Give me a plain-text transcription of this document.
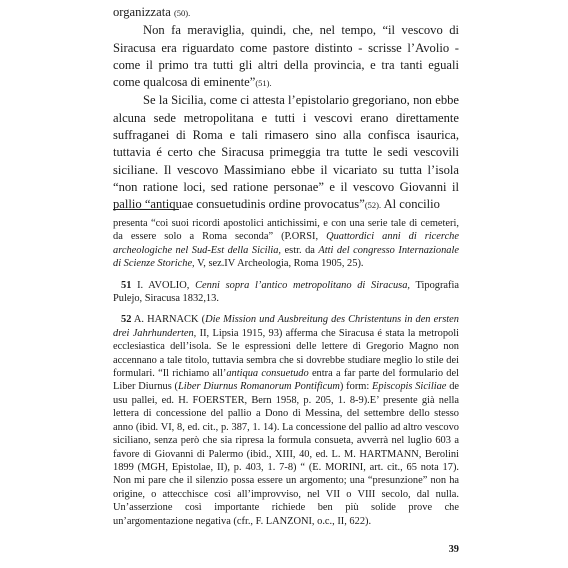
organizzata (50).

Non fa meraviglia, quindi, che, nel tempo, “il vescovo di Siracusa era riguardato come pastore distinto - scrisse l’Avolio - come il primo tra tutti gli altri della provincia, e tra tanti eguali come qualcosa di eminente”(51).

Se la Sicilia, come ci attesta l’epistolario gregoriano, non ebbe alcuna sede metropolitana e tutti i vescovi erano direttamente suffraganei di Roma e tali rimasero sino alla confisca isaurica, tuttavia é certo che Siracusa primeggia tra tutte le sedi vescovili siciliane. Il vescovo Massimiano ebbe il vicariato su tutta l’isola “non ratione loci, sed ratione personae” e il vescovo Giovanni il pallio “antiquae consuetudinis ordine provocatus”(52). Al concilio

presenta “coi suoi ricordi apostolici antichissimi, e con una serie tale di cemeteri, da essere solo a Roma seconda” (P.ORSI, Quattordici anni di ricerche archeologiche nel Sud-Est della Sicilia, estr. da Atti del congresso Internazionale di Scienze Storiche, V, sez.IV Archeologia, Roma 1905, 25).

51 I. AVOLIO, Cenni sopra l’antico metropolitano di Siracusa, Tipografia Pulejo, Siracusa 1832,13.

52 A. HARNACK (Die Mission und Ausbreitung des Christentuns in den ersten drei Jahrhunderten, II, Lipsia 1915, 93) afferma che Siracusa é stata la metropoli ecclesiastica dell’isola. Se le espressioni delle lettere di Gregorio Magno non accennano a tale titolo, tuttavia sembra che si dovrebbe studiare meglio lo stile dei formulari. “Il richiamo all’antiqua consuetudo entra a far parte del formulario del Liber Diurnus (Liber Diurnus Romanorum Pontificum) form: Episcopis Siciliae de usu pallei, ed. H. FOERSTER, Bern 1958, p. 205, 1. 8-9).E’ presente già nella lettera di concessione del pallio a Dono di Messina, del settembre dello stesso anno (ibid. VI, 8, ed. cit., p. 387, 1. 14). La concessione del pallio ad altro vescovo siciliano, senza però che sia ripresa la formula consueta, avverrà nel luglio 603 a favore di Giovanni di Palermo (ibid., XIII, 40, ed. L. M. HARTMANN, Berolini 1899 (MGH, Epistolae, II), p. 403, 1. 7-8) “ (E. MORINI, art. cit., 65 nota 17). Non mi pare che il silenzio possa essere un argomento; una “presunzione” non ha origine, o attecchisce così all’improvviso, nel VII o VIII secolo, dal nulla. Un’asserzione così importante richiede ben più solide prove che un’argomentazione negativa (cfr., F. LANZONI, o.c., II, 622).

39
